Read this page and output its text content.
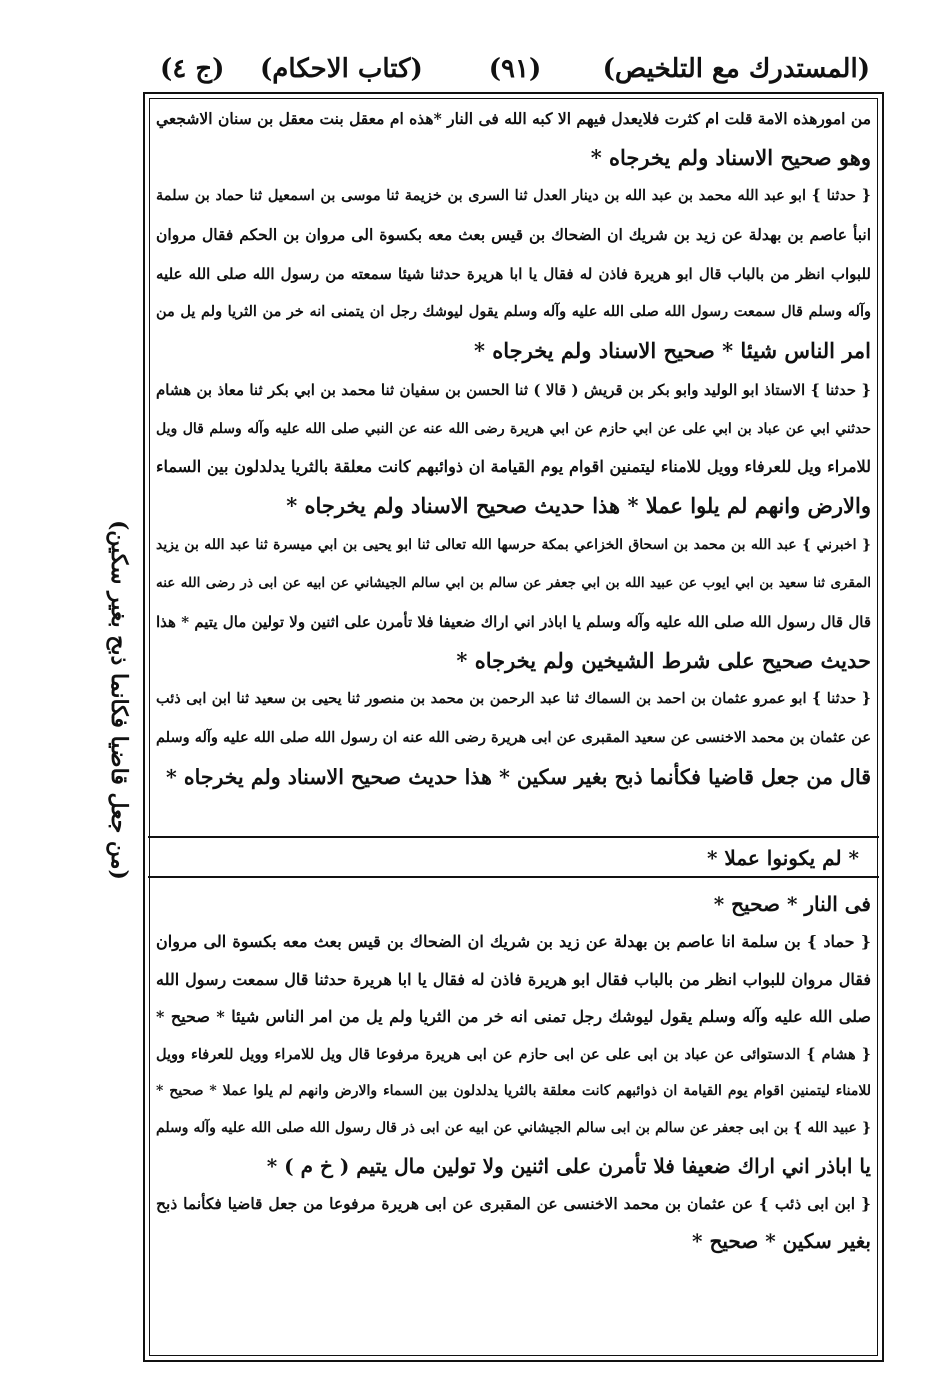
(المستدرك مع التلخيص)
(٩١)
(كتاب الاحكام)
(ج ٤)
(من جعل قاضيا فكانما ذبح بغير سكين)
من امورهذه الامة قلت ام كثرت فلايعدل فيهم الا كبه الله فى النار *هذه ام معقل بنت معقل بن سنان الاشجعي
وهو صحيح الاسناد ولم يخرجاه *
{ حدثنا } ابو عبد الله محمد بن عبد الله بن دينار العدل ثنا السرى بن خزيمة ثنا موسى بن اسمعيل ثنا حماد بن سلمة
انبأ عاصم بن بهدلة عن زيد بن شريك ان الضحاك بن قيس بعث معه بكسوة الى مروان بن الحكم فقال مروان
للبواب انظر من بالباب قال ابو هريرة فاذن له فقال يا ابا هريرة حدثنا شيئا سمعته من رسول الله صلى الله عليه
وآله وسلم قال سمعت رسول الله صلى الله عليه وآله وسلم يقول ليوشك رجل ان يتمنى انه خر من الثريا ولم يل من
امر الناس شيئا * صحيح الاسناد ولم يخرجاه *
{ حدثنا } الاستاذ ابو الوليد وابو بكر بن قريش ( قالا ) ثنا الحسن بن سفيان ثنا محمد بن ابي بكر ثنا معاذ بن هشام
حدثني ابي عن عباد بن ابي على عن ابي حازم عن ابي هريرة رضى الله عنه عن النبي صلى الله عليه وآله وسلم قال ويل
للامراء ويل للعرفاء وويل للامناء ليتمنين اقوام يوم القيامة ان ذوائبهم كانت معلقة بالثريا يدلدلون بين السماء
والارض وانهم لم يلوا عملا * هذا حديث صحيح الاسناد ولم يخرجاه *
{ اخبرني } عبد الله بن محمد بن اسحاق الخزاعي بمكة حرسها الله تعالى ثنا ابو يحيى بن ابي ميسرة ثنا عبد الله بن يزيد
المقرى ثنا سعيد بن ابي ايوب عن عبيد الله بن ابي جعفر عن سالم بن ابي سالم الجيشاني عن ابيه عن ابى ذر رضى الله عنه
قال قال رسول الله صلى الله عليه وآله وسلم يا اباذر اني اراك ضعيفا فلا تأمرن على اثنين ولا تولين مال يتيم * هذا
حديث صحيح على شرط الشيخين ولم يخرجاه *
{ حدثنا } ابو عمرو عثمان بن احمد بن السماك ثنا عبد الرحمن بن محمد بن منصور ثنا يحيى بن سعيد ثنا ابن ابى ذئب
عن عثمان بن محمد الاخنسى عن سعيد المقبرى عن ابى هريرة رضى الله عنه ان رسول الله صلى الله عليه وآله وسلم
قال من جعل قاضيا فكأنما ذبح بغير سكين * هذا حديث صحيح الاسناد ولم يخرجاه *
* لم يكونوا عملا *
فى النار * صحيح *
{ حماد } بن سلمة انا عاصم بن بهدلة عن زيد بن شريك ان الضحاك بن قيس بعث معه بكسوة الى مروان
فقال مروان للبواب انظر من بالباب فقال ابو هريرة فاذن له فقال يا ابا هريرة حدثنا قال سمعت رسول الله
صلى الله عليه وآله وسلم يقول ليوشك رجل تمنى انه خر من الثريا ولم يل من امر الناس شيئا * صحيح *
{ هشام } الدستوائى عن عباد بن ابى على عن ابى حازم عن ابى هريرة مرفوعا قال ويل للامراء وويل للعرفاء وويل
للامناء ليتمنين اقوام يوم القيامة ان ذوائبهم كانت معلقة بالثريا يدلدلون بين السماء والارض وانهم لم يلوا عملا * صحيح *
{ عبيد الله } بن ابى جعفر عن سالم بن ابى سالم الجيشاني عن ابيه عن ابى ذر قال رسول الله صلى الله عليه وآله وسلم
يا اباذر اني اراك ضعيفا فلا تأمرن على اثنين ولا تولين مال يتيم ( خ م ) *
{ ابن ابى ذئب } عن عثمان بن محمد الاخنسى عن المقبرى عن ابى هريرة مرفوعا من جعل قاضيا فكأنما ذبح
بغير سكين * صحيح *
